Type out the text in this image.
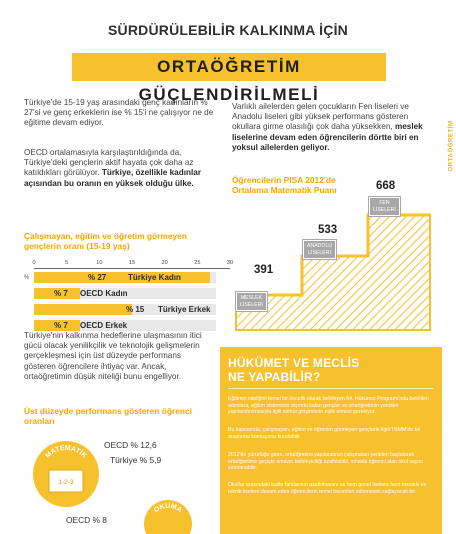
SÜRDÜRÜLEBİLİR KALKINMA İÇİN
ORTAÖĞRETİM GÜÇLENDİRİLMELİ
ORTAÖĞRETİM
Türkiye'de 15-19 yaş arasındaki genç kadınların % 27'si ve genç erkeklerin ise % 15'i ne çalışıyor ne de eğitime devam ediyor.
OECD ortalamasıyla karşılaştırıldığında da, Türkiye'deki gençlerin aktif hayata çok daha az katıldıkları görülüyor. Türkiye, özellikle kadınlar açısından bu oranın en yüksek olduğu ülke.
Çalışmayan, eğitim ve öğretim görmeyen gençlerin oranı (15-19 yaş)
0	5	10	15	20	25	30
% 27	Türkiye Kadın
% 7 OECD Kadın
% 15 Türkiye Erkek
% 7 OECD Erkek
%
Türkiye'nin kalkınma hedeflerine ulaşmasının itici gücü olacak yenilikçilik ve teknolojik gelişmelerin gerçekleşmesi için üst düzeyde performans gösteren öğrencilere ihtiyaç var. Ancak, ortaöğretimin düşük niteliği bunu engelliyor.
Üst düzeyde performans gösteren öğrenci oranları
MATEMATİK
1-2-3
OECD % 12,6
Türkiye % 5,9
OKUMA
OECD % 8
Varlıklı ailelerden gelen çocukların Fen liseleri ve Anadolu liseleri gibi yüksek performans gösteren okullara girme olasılığı çok daha yüksekken, meslek liselerine devam eden öğrencilerin dörtte biri en yoksul ailelerden geliyor.
Öğrencilerin PISA 2012'de Ortalama Matematik Puanı
391
MESLEK
LİSELERİ
533
ANADOLU
LİSELERİ
668
FEN
LİSELERİ
HÜKÜMET VE MECLİS
NE YAPABİLİR?
Eğitimin niteliğini temel bir öncelik olarak belirleyen 64. Hükümet Programı'nda belirtilen adımlara, eğitim sisteminin dışında kalan gençler ve ortaöğretimin yeniden yapılandırılmasıyla ilgili somut girişimlerin eşlik etmesi gerekiyor.
Bu kapsamda, çalışmayan, eğitim ve öğrenim görmeyen gençlerle ilgili TBMM'de bir araştırma komisyonu kurulabilir.
2012'de yürürlüğe giren, ortaöğretimi yapılandıran çalışmaları yeniden başlatarak ortaöğretime geçişte sınavın belirleyiciliği azaltılabilir, sınavla öğrenci alan okul sayısı sınırlanabilir.
Okullar arasındaki kalite farklarının azaltılmasını ve hem genel liselere hem mesleki ve teknik liselere devam eden öğrencilerin temel becerileri edinmesini sağlayacak bir
